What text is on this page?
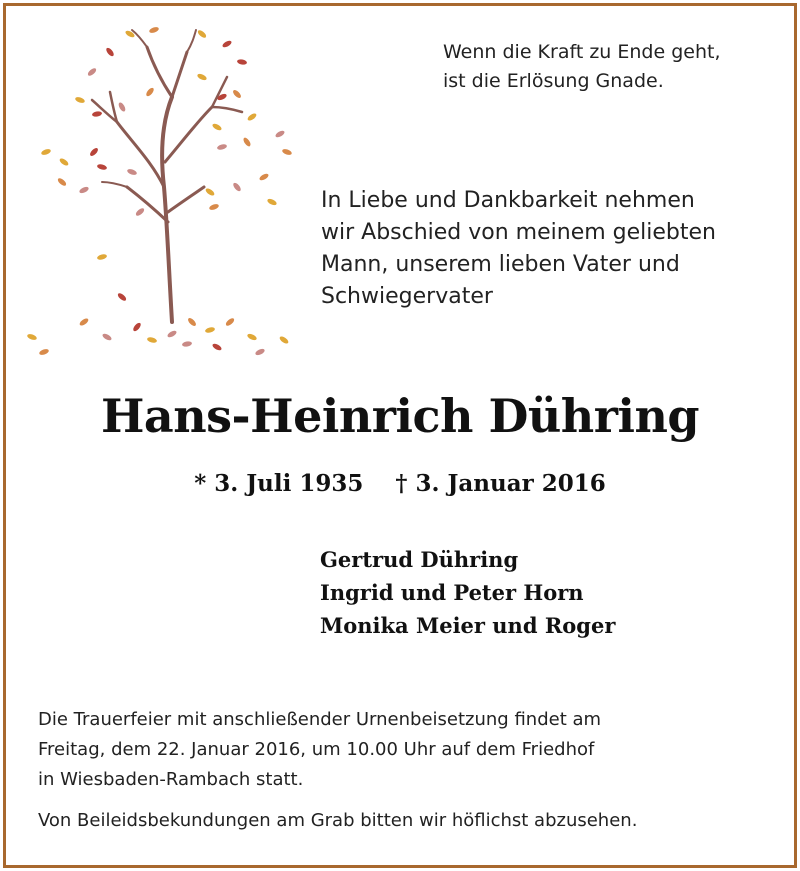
Wenn die Kraft zu Ende geht,
ist die Erlösung Gnade.
In Liebe und Dankbarkeit nehmen
wir Abschied von meinem geliebten
Mann, unserem lieben Vater und
Schwiegervater
Hans-Heinrich Dühring
* 3. Juli 1935    † 3. Januar 2016
Gertrud Dühring
Ingrid und Peter Horn
Monika Meier und Roger
Die Trauerfeier mit anschließender Urnenbeisetzung findet am
Freitag, dem 22. Januar 2016, um 10.00 Uhr auf dem Friedhof
in Wiesbaden-Rambach statt.
Von Beileidsbekundungen am Grab bitten wir höflichst abzusehen.
